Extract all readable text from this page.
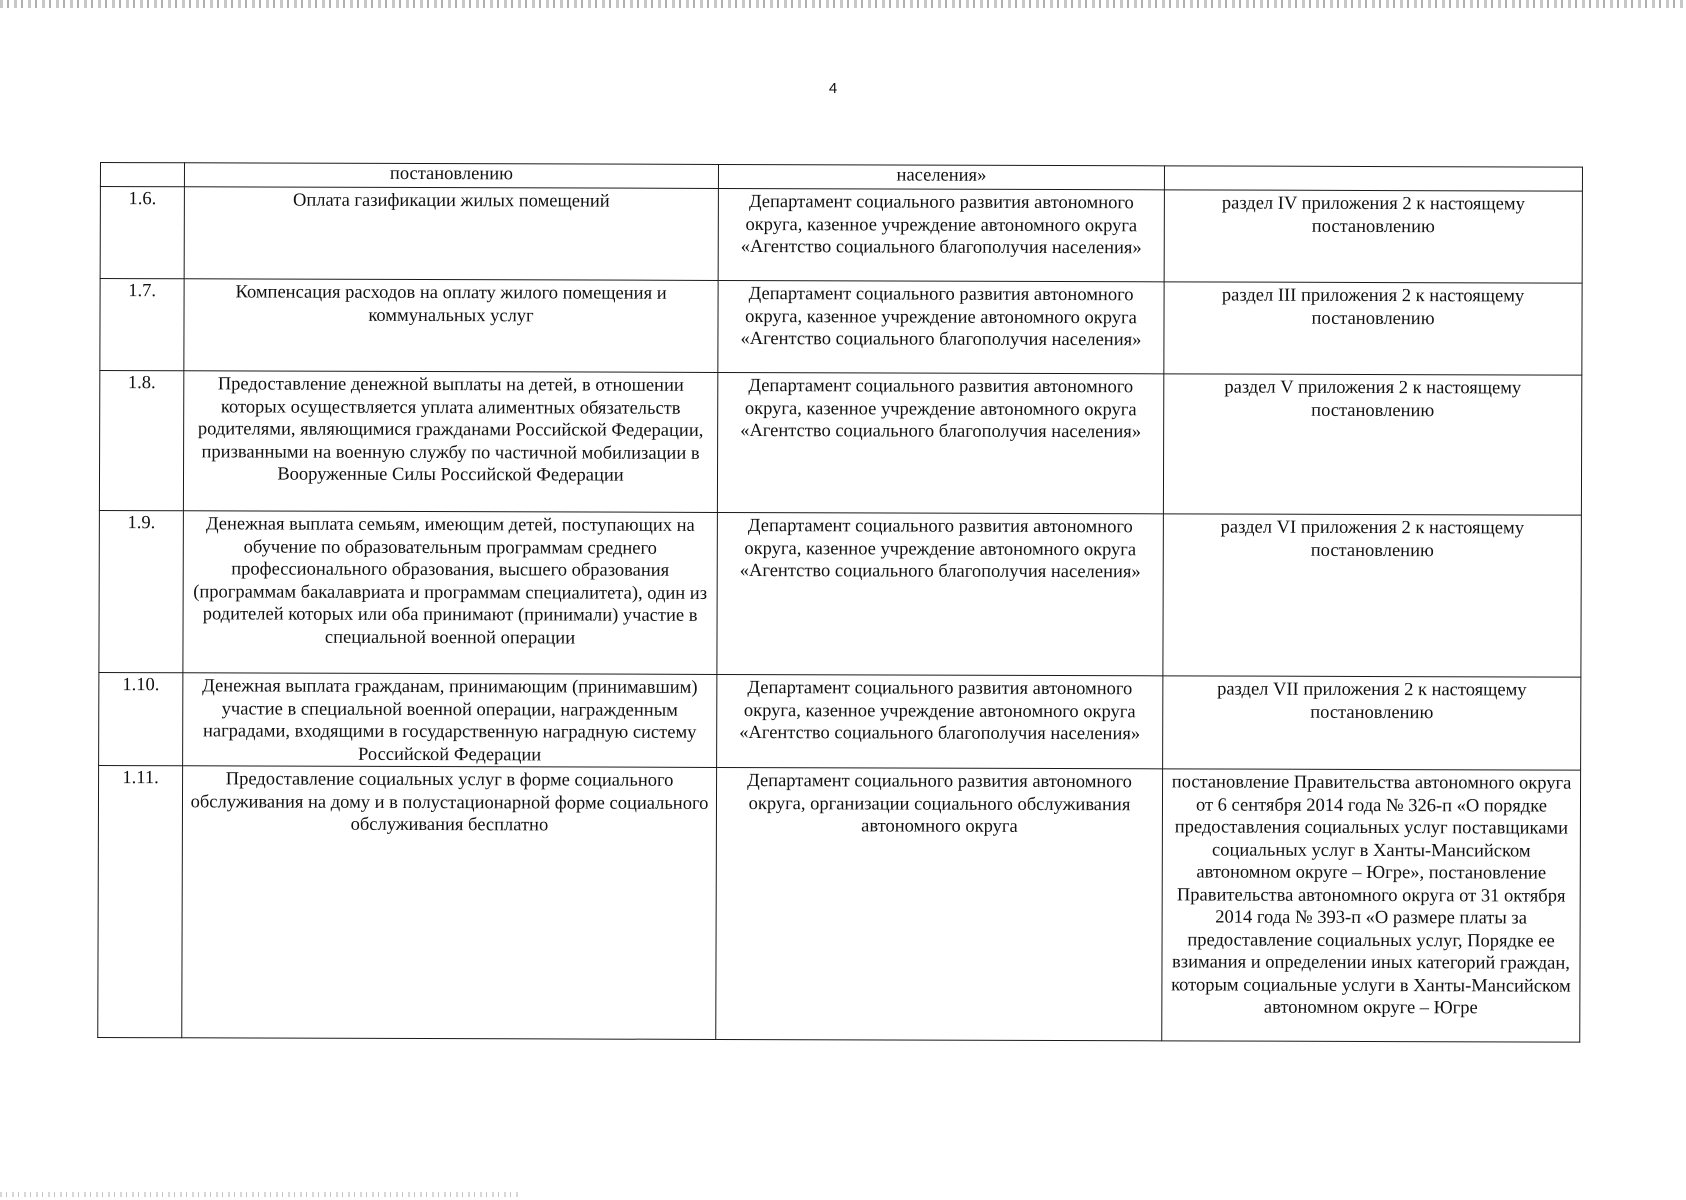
4
	постановлению	населения»	
1.6.	Оплата газификации жилых помещений	Департамент социального развития автономного округа, казенное учреждение автономного округа «Агентство социального благополучия населения»	раздел IV приложения 2 к настоящему постановлению
1.7.	Компенсация расходов на оплату жилого помещения и коммунальных услуг	Департамент социального развития автономного округа, казенное учреждение автономного округа «Агентство социального благополучия населения»	раздел III приложения 2 к настоящему постановлению
1.8.	Предоставление денежной выплаты на детей, в отношении которых осуществляется уплата алиментных обязательств родителями, являющимися гражданами Российской Федерации, призванными на военную службу по частичной мобилизации в Вооруженные Силы Российской Федерации	Департамент социального развития автономного округа, казенное учреждение автономного округа «Агентство социального благополучия населения»	раздел V приложения 2 к настоящему постановлению
1.9.	Денежная выплата семьям, имеющим детей, поступающих на обучение по образовательным программам среднего профессионального образования, высшего образования (программам бакалавриата и программам специалитета), один из родителей которых или оба принимают (принимали) участие в специальной военной операции	Департамент социального развития автономного округа, казенное учреждение автономного округа «Агентство социального благополучия населения»	раздел VI приложения 2 к настоящему постановлению
1.10.	Денежная выплата гражданам, принимающим (принимавшим) участие в специальной военной операции, награжденным наградами, входящими в государственную наградную систему Российской Федерации	Департамент социального развития автономного округа, казенное учреждение автономного округа «Агентство социального благополучия населения»	раздел VII приложения 2 к настоящему постановлению
1.11.	Предоставление социальных услуг в форме социального обслуживания на дому и в полустационарной форме социального обслуживания бесплатно	Департамент социального развития автономного округа, организации социального обслуживания автономного округа	постановление Правительства автономного округа от 6 сентября 2014 года № 326-п «О порядке предоставления социальных услуг поставщиками социальных услуг в Ханты-Мансийском автономном округе – Югре», постановление Правительства автономного округа от 31 октября 2014 года № 393-п «О размере платы за предоставление социальных услуг, Порядке ее взимания и определении иных категорий граждан, которым социальные услуги в Ханты-Мансийском автономном округе – Югре
